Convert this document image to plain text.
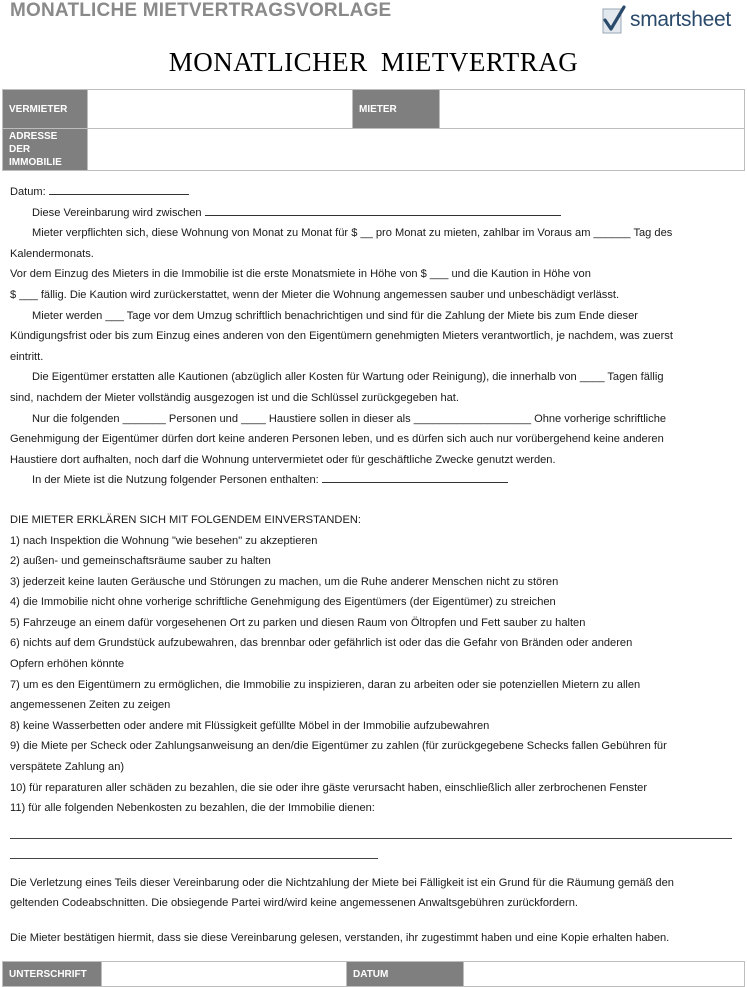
MONATLICHE MIETVERTRAGSVORLAGE	smartsheet
MONATLICHER MIETVERTRAG
VERMIETER		MIETER	
ADRESSE DER IMMOBILIE			

Datum:

Diese Vereinbarung wird zwischen

Mieter verpflichten sich, diese Wohnung von Monat zu Monat für $ __ pro Monat zu mieten, zahlbar im Voraus am ______ Tag des

Kalendermonats.

Vor dem Einzug des Mieters in die Immobilie ist die erste Monatsmiete in Höhe von $ ___ und die Kaution in Höhe von

$ ___ fällig. Die Kaution wird zurückerstattet, wenn der Mieter die Wohnung angemessen sauber und unbeschädigt verlässt.

Mieter werden ___ Tage vor dem Umzug schriftlich benachrichtigen und sind für die Zahlung der Miete bis zum Ende dieser

Kündigungsfrist oder bis zum Einzug eines anderen von den Eigentümern genehmigten Mieters verantwortlich, je nachdem, was zuerst

eintritt.

Die Eigentümer erstatten alle Kautionen (abzüglich aller Kosten für Wartung oder Reinigung), die innerhalb von ____ Tagen fällig

sind, nachdem der Mieter vollständig ausgezogen ist und die Schlüssel zurückgegeben hat.

Nur die folgenden _______ Personen und ____ Haustiere sollen in dieser als ___________________ Ohne vorherige schriftliche

Genehmigung der Eigentümer dürfen dort keine anderen Personen leben, und es dürfen sich auch nur vorübergehend keine anderen

Haustiere dort aufhalten, noch darf die Wohnung untervermietet oder für geschäftliche Zwecke genutzt werden.

In der Miete ist die Nutzung folgender Personen enthalten:

DIE MIETER ERKLÄREN SICH MIT FOLGENDEM EINVERSTANDEN:

1) nach Inspektion die Wohnung "wie besehen" zu akzeptieren

2) außen- und gemeinschaftsräume sauber zu halten

3) jederzeit keine lauten Geräusche und Störungen zu machen, um die Ruhe anderer Menschen nicht zu stören

4) die Immobilie nicht ohne vorherige schriftliche Genehmigung des Eigentümers (der Eigentümer) zu streichen

5) Fahrzeuge an einem dafür vorgesehenen Ort zu parken und diesen Raum von Öltropfen und Fett sauber zu halten

6) nichts auf dem Grundstück aufzubewahren, das brennbar oder gefährlich ist oder das die Gefahr von Bränden oder anderen

Opfern erhöhen könnte

7) um es den Eigentümern zu ermöglichen, die Immobilie zu inspizieren, daran zu arbeiten oder sie potenziellen Mietern zu allen

angemessenen Zeiten zu zeigen

8) keine Wasserbetten oder andere mit Flüssigkeit gefüllte Möbel in der Immobilie aufzubewahren

9) die Miete per Scheck oder Zahlungsanweisung an den/die Eigentümer zu zahlen (für zurückgegebene Schecks fallen Gebühren für

verspätete Zahlung an)

10) für reparaturen aller schäden zu bezahlen, die sie oder ihre gäste verursacht haben, einschließlich aller zerbrochenen Fenster

11) für alle folgenden Nebenkosten zu bezahlen, die der Immobilie dienen:

Die Verletzung eines Teils dieser Vereinbarung oder die Nichtzahlung der Miete bei Fälligkeit ist ein Grund für die Räumung gemäß den

geltenden Codeabschnitten. Die obsiegende Partei wird/wird keine angemessenen Anwaltsgebühren zurückfordern.

Die Mieter bestätigen hiermit, dass sie diese Vereinbarung gelesen, verstanden, ihr zugestimmt haben und eine Kopie erhalten haben.

UNTERSCHRIFT		DATUM	
